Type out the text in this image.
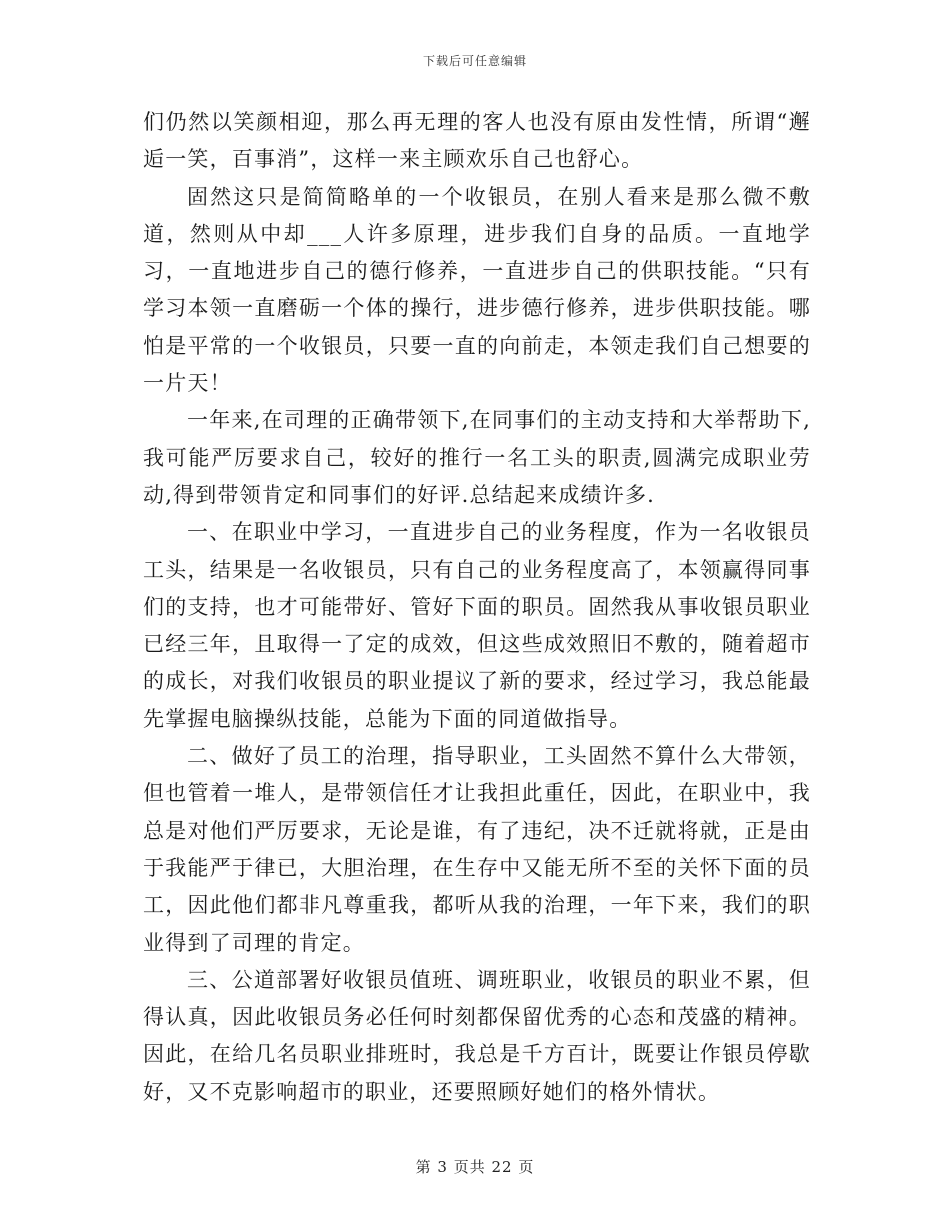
下载后可任意编辑

们仍然以笑颜相迎，那么再无理的客人也没有原由发性情，所谓“邂逅一笑，百事消”，这样一来主顾欢乐自己也舒心。

固然这只是简简略单的一个收银员，在别人看来是那么微不敷道，然则从中却___人许多原理，进步我们自身的品质。一直地学习，一直地进步自己的德行修养，一直进步自己的供职技能。“只有学习本领一直磨砺一个体的操行，进步德行修养，进步供职技能。哪怕是平常的一个收银员，只要一直的向前走，本领走我们自己想要的一片天！

一年来,在司理的正确带领下,在同事们的主动支持和大举帮助下,我可能严厉要求自己，较好的推行一名工头的职责,圆满完成职业劳动,得到带领肯定和同事们的好评.总结起来成绩许多.

一、在职业中学习，一直进步自己的业务程度，作为一名收银员工头，结果是一名收银员，只有自己的业务程度高了，本领赢得同事们的支持，也才可能带好、管好下面的职员。固然我从事收银员职业已经三年，且取得一了定的成效，但这些成效照旧不敷的，随着超市的成长，对我们收银员的职业提议了新的要求，经过学习，我总能最先掌握电脑操纵技能，总能为下面的同道做指导。

二、做好了员工的治理，指导职业，工头固然不算什么大带领，但也管着一堆人，是带领信任才让我担此重任，因此，在职业中，我总是对他们严厉要求，无论是谁，有了违纪，决不迁就将就，正是由于我能严于律已，大胆治理，在生存中又能无所不至的关怀下面的员工，因此他们都非凡尊重我，都听从我的治理，一年下来，我们的职业得到了司理的肯定。

三、公道部署好收银员值班、调班职业，收银员的职业不累，但得认真，因此收银员务必任何时刻都保留优秀的心态和茂盛的精神。因此，在给几名员职业排班时，我总是千方百计，既要让作银员停歇好，又不克影响超市的职业，还要照顾好她们的格外情状。

第 3 页共 22 页
